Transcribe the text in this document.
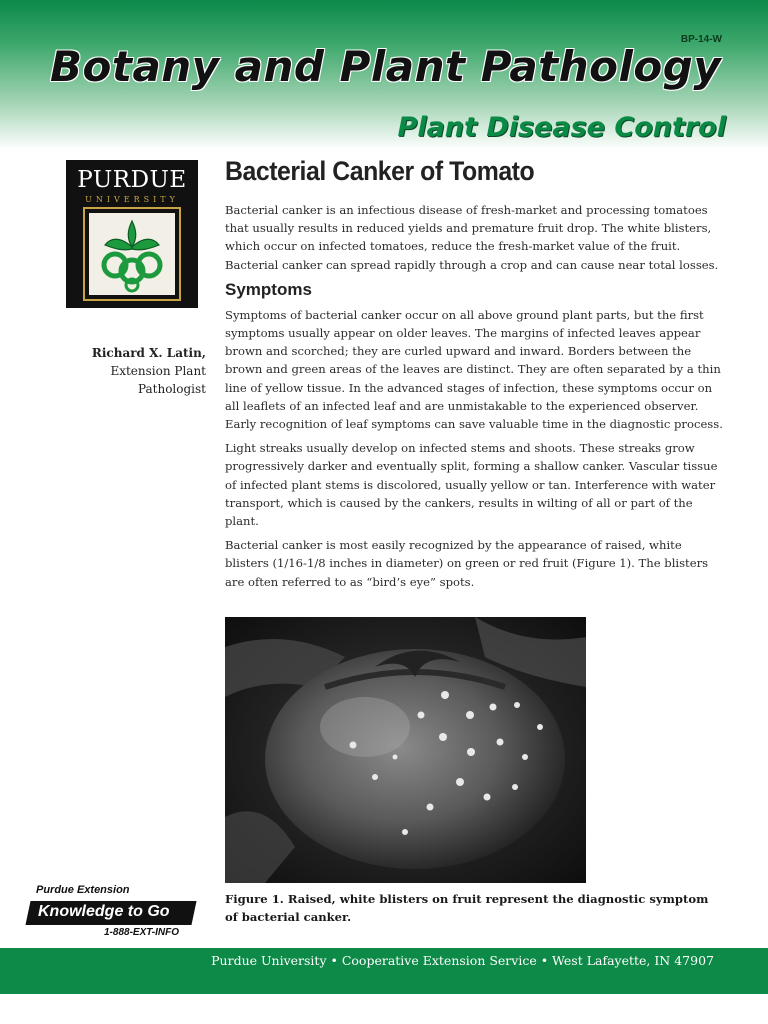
BP-14-W
Botany and Plant Pathology
Plant Disease Control
PURDUE
UNIVERSITY
Richard X. Latin,
Extension Plant
Pathologist
Bacterial Canker of Tomato

Bacterial canker is an infectious disease of fresh-market and processing tomatoes that usually results in reduced yields and premature fruit drop. The white blisters, which occur on infected tomatoes, reduce the fresh-market value of the fruit. Bacterial canker can spread rapidly through a crop and can cause near total losses.

Symptoms

Symptoms of bacterial canker occur on all above ground plant parts, but the first symptoms usually appear on older leaves. The margins of infected leaves appear brown and scorched; they are curled upward and inward. Borders between the brown and green areas of the leaves are distinct. They are often separated by a thin line of yellow tissue. In the advanced stages of infection, these symptoms occur on all leaflets of an infected leaf and are unmistakable to the experienced observer. Early recognition of leaf symptoms can save valuable time in the diagnostic process.

Light streaks usually develop on infected stems and shoots. These streaks grow progressively darker and eventually split, forming a shallow canker. Vascular tissue of infected plant stems is discolored, usually yellow or tan. Interference with water transport, which is caused by the cankers, results in wilting of all or part of the plant.

Bacterial canker is most easily recognized by the appearance of raised, white blisters (1/16-1/8 inches in diameter) on green or red fruit (Figure 1). The blisters are often referred to as “bird’s eye” spots.

Figure 1. Raised, white blisters on fruit represent the diagnostic symptom of bacterial canker.
Purdue Extension
Knowledge to Go
1-888-EXT-INFO
Purdue University • Cooperative Extension Service • West Lafayette, IN 47907
